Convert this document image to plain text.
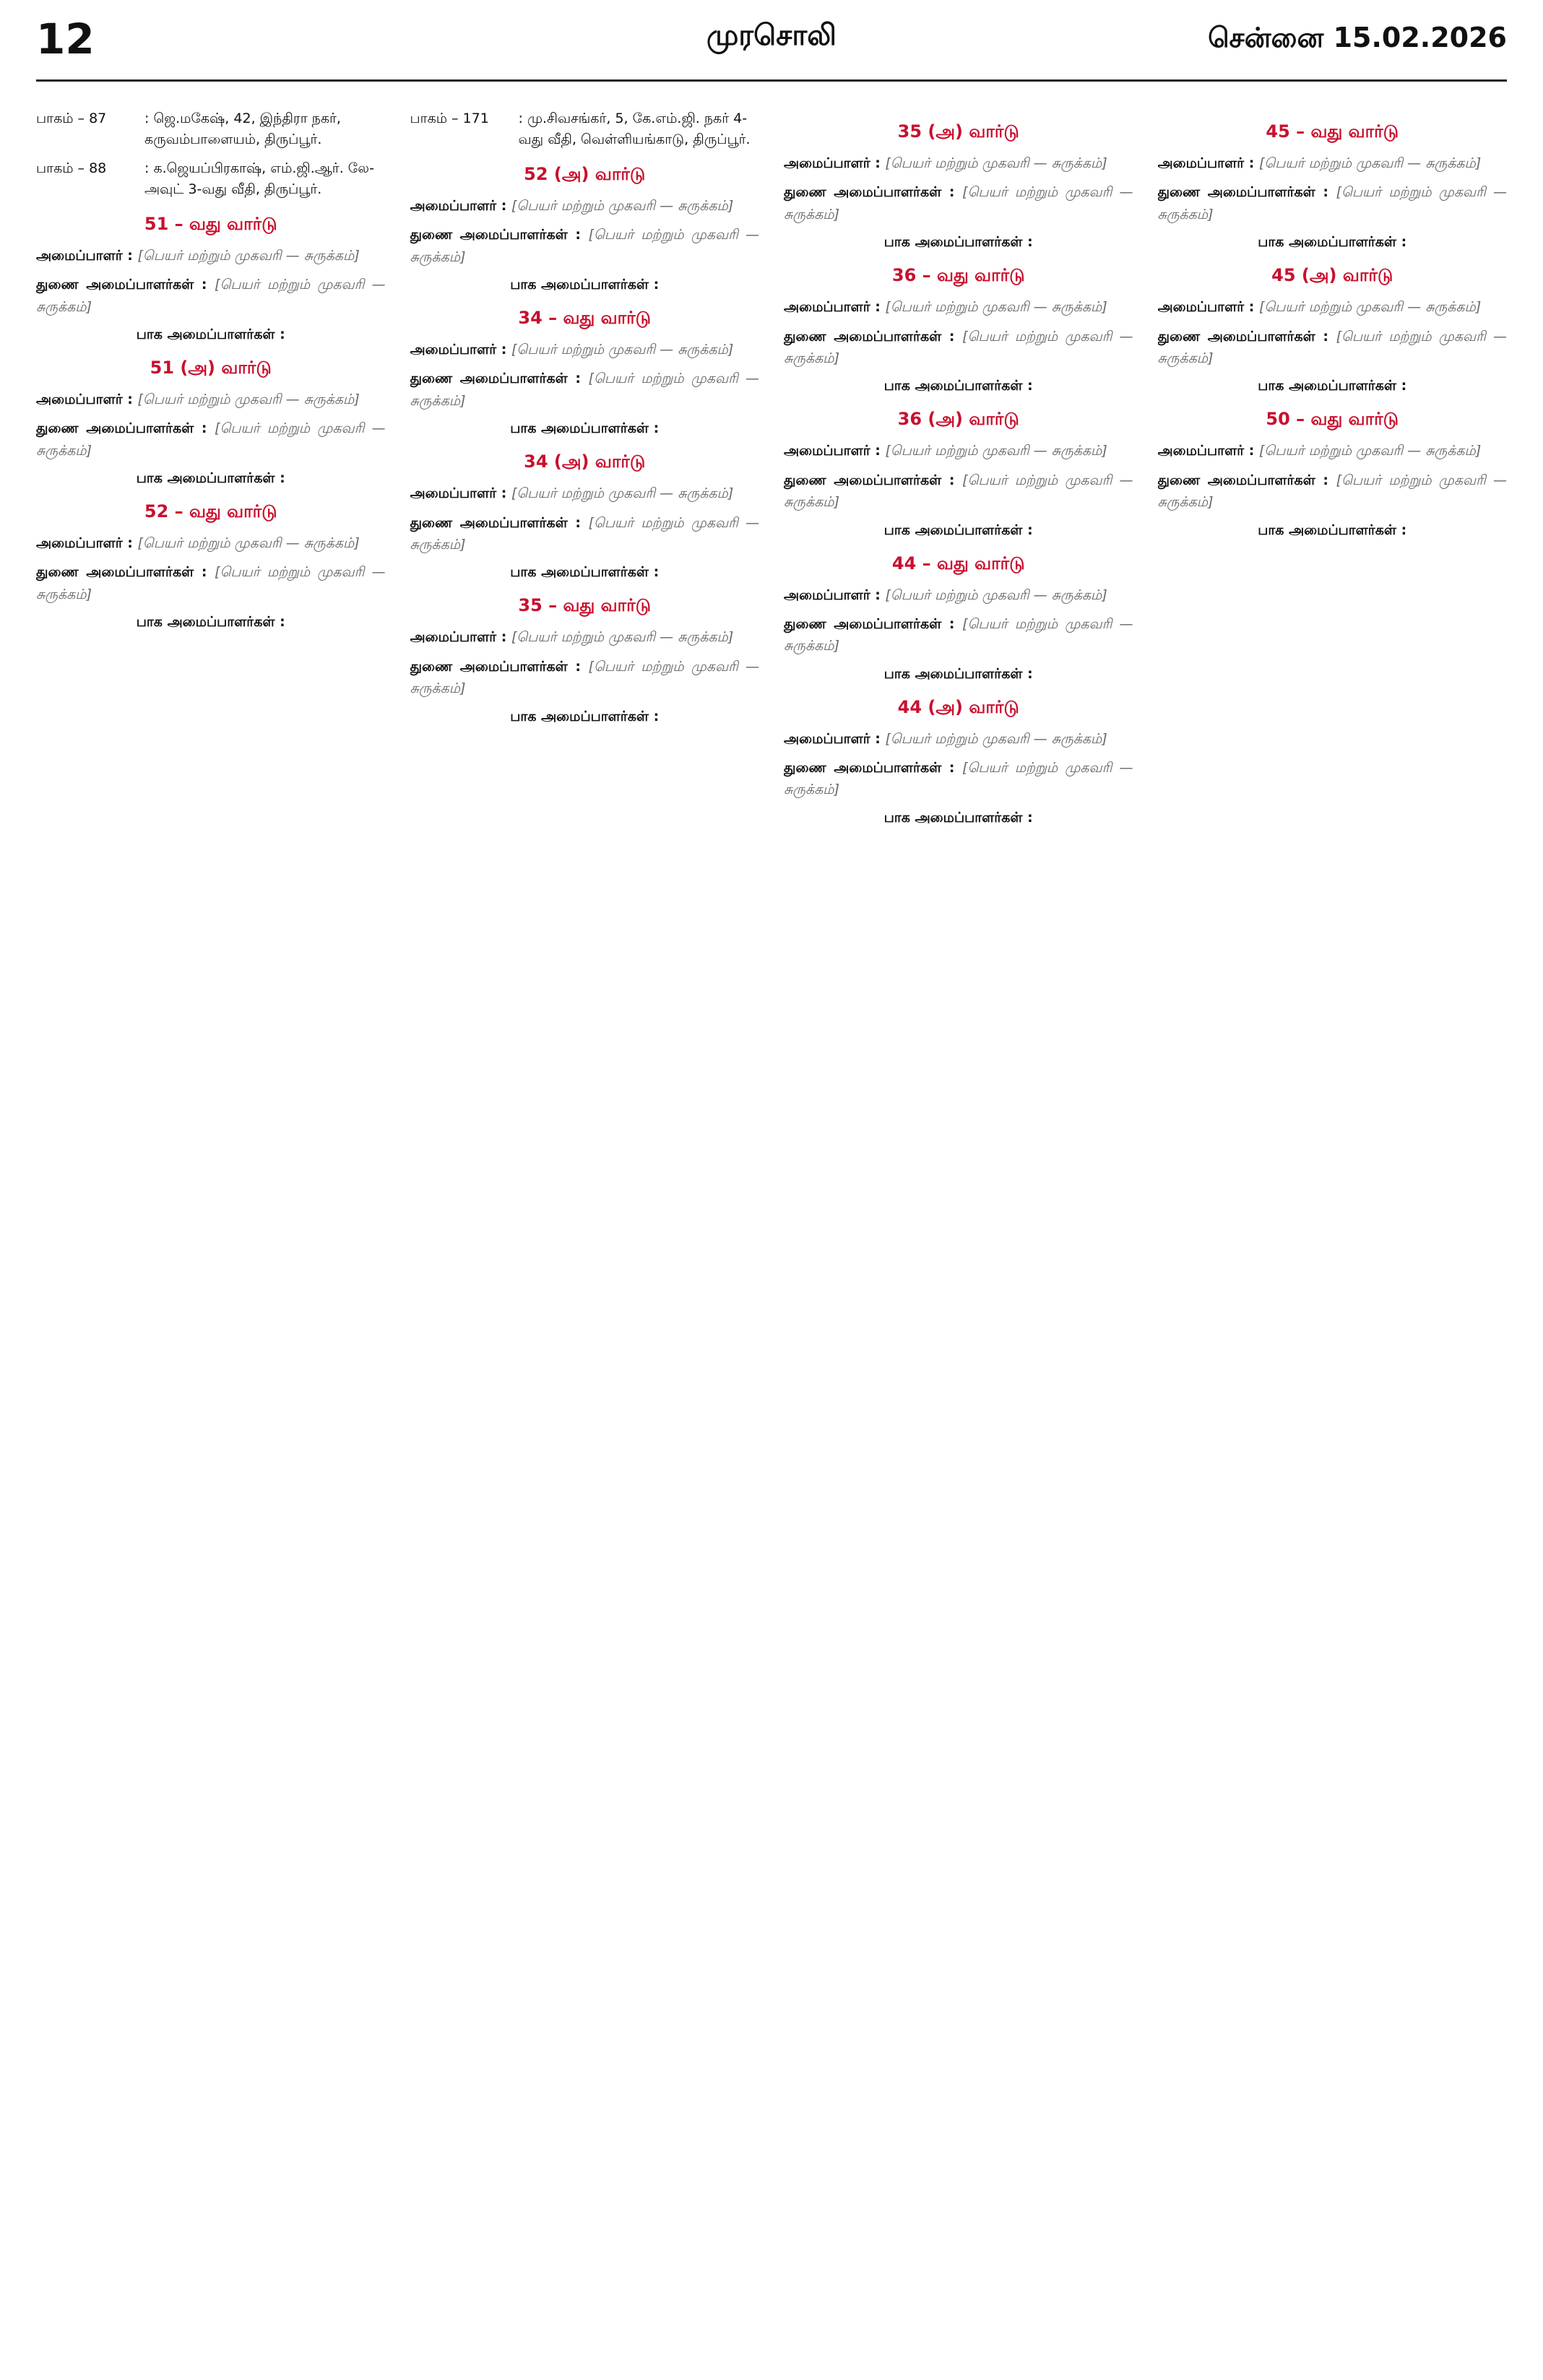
12	முரசொலி	சென்னை 15.02.2026
பாகம் – 87	: ஜெ.மகேஷ், 42, இந்திரா நகர், கருவம்பாளையம், திருப்பூர்.
பாகம் – 88	: க.ஜெயப்பிரகாஷ், எம்.ஜி.ஆர். லே-அவுட் 3-வது வீதி, திருப்பூர்.
51 – வது வார்டு

அமைப்பாளர் : [பெயர் மற்றும் முகவரி — சுருக்கம்]

துணை அமைப்பாளர்கள் : [பெயர் மற்றும் முகவரி — சுருக்கம்]

பாக அமைப்பாளர்கள் :
51 (அ) வார்டு

அமைப்பாளர் : [பெயர் மற்றும் முகவரி — சுருக்கம்]

துணை அமைப்பாளர்கள் : [பெயர் மற்றும் முகவரி — சுருக்கம்]

பாக அமைப்பாளர்கள் :
52 – வது வார்டு

அமைப்பாளர் : [பெயர் மற்றும் முகவரி — சுருக்கம்]

துணை அமைப்பாளர்கள் : [பெயர் மற்றும் முகவரி — சுருக்கம்]

பாக அமைப்பாளர்கள் :
பாகம் – 171	: மு.சிவசங்கர், 5, கே.எம்.ஜி. நகர் 4-வது வீதி, வெள்ளியங்காடு, திருப்பூர்.
52 (அ) வார்டு

அமைப்பாளர் : [பெயர் மற்றும் முகவரி — சுருக்கம்]

துணை அமைப்பாளர்கள் : [பெயர் மற்றும் முகவரி — சுருக்கம்]

பாக அமைப்பாளர்கள் :
34 – வது வார்டு

அமைப்பாளர் : [பெயர் மற்றும் முகவரி — சுருக்கம்]

துணை அமைப்பாளர்கள் : [பெயர் மற்றும் முகவரி — சுருக்கம்]

பாக அமைப்பாளர்கள் :
34 (அ) வார்டு

அமைப்பாளர் : [பெயர் மற்றும் முகவரி — சுருக்கம்]

துணை அமைப்பாளர்கள் : [பெயர் மற்றும் முகவரி — சுருக்கம்]

பாக அமைப்பாளர்கள் :
35 – வது வார்டு

அமைப்பாளர் : [பெயர் மற்றும் முகவரி — சுருக்கம்]

துணை அமைப்பாளர்கள் : [பெயர் மற்றும் முகவரி — சுருக்கம்]

பாக அமைப்பாளர்கள் :
35 (அ) வார்டு

அமைப்பாளர் : [பெயர் மற்றும் முகவரி — சுருக்கம்]

துணை அமைப்பாளர்கள் : [பெயர் மற்றும் முகவரி — சுருக்கம்]

பாக அமைப்பாளர்கள் :
36 – வது வார்டு

அமைப்பாளர் : [பெயர் மற்றும் முகவரி — சுருக்கம்]

துணை அமைப்பாளர்கள் : [பெயர் மற்றும் முகவரி — சுருக்கம்]

பாக அமைப்பாளர்கள் :
36 (அ) வார்டு

அமைப்பாளர் : [பெயர் மற்றும் முகவரி — சுருக்கம்]

துணை அமைப்பாளர்கள் : [பெயர் மற்றும் முகவரி — சுருக்கம்]

பாக அமைப்பாளர்கள் :
44 – வது வார்டு

அமைப்பாளர் : [பெயர் மற்றும் முகவரி — சுருக்கம்]

துணை அமைப்பாளர்கள் : [பெயர் மற்றும் முகவரி — சுருக்கம்]

பாக அமைப்பாளர்கள் :
44 (அ) வார்டு

அமைப்பாளர் : [பெயர் மற்றும் முகவரி — சுருக்கம்]

துணை அமைப்பாளர்கள் : [பெயர் மற்றும் முகவரி — சுருக்கம்]

பாக அமைப்பாளர்கள் :
45 – வது வார்டு

அமைப்பாளர் : [பெயர் மற்றும் முகவரி — சுருக்கம்]

துணை அமைப்பாளர்கள் : [பெயர் மற்றும் முகவரி — சுருக்கம்]

பாக அமைப்பாளர்கள் :
45 (அ) வார்டு

அமைப்பாளர் : [பெயர் மற்றும் முகவரி — சுருக்கம்]

துணை அமைப்பாளர்கள் : [பெயர் மற்றும் முகவரி — சுருக்கம்]

பாக அமைப்பாளர்கள் :
50 – வது வார்டு

அமைப்பாளர் : [பெயர் மற்றும் முகவரி — சுருக்கம்]

துணை அமைப்பாளர்கள் : [பெயர் மற்றும் முகவரி — சுருக்கம்]

பாக அமைப்பாளர்கள் :
